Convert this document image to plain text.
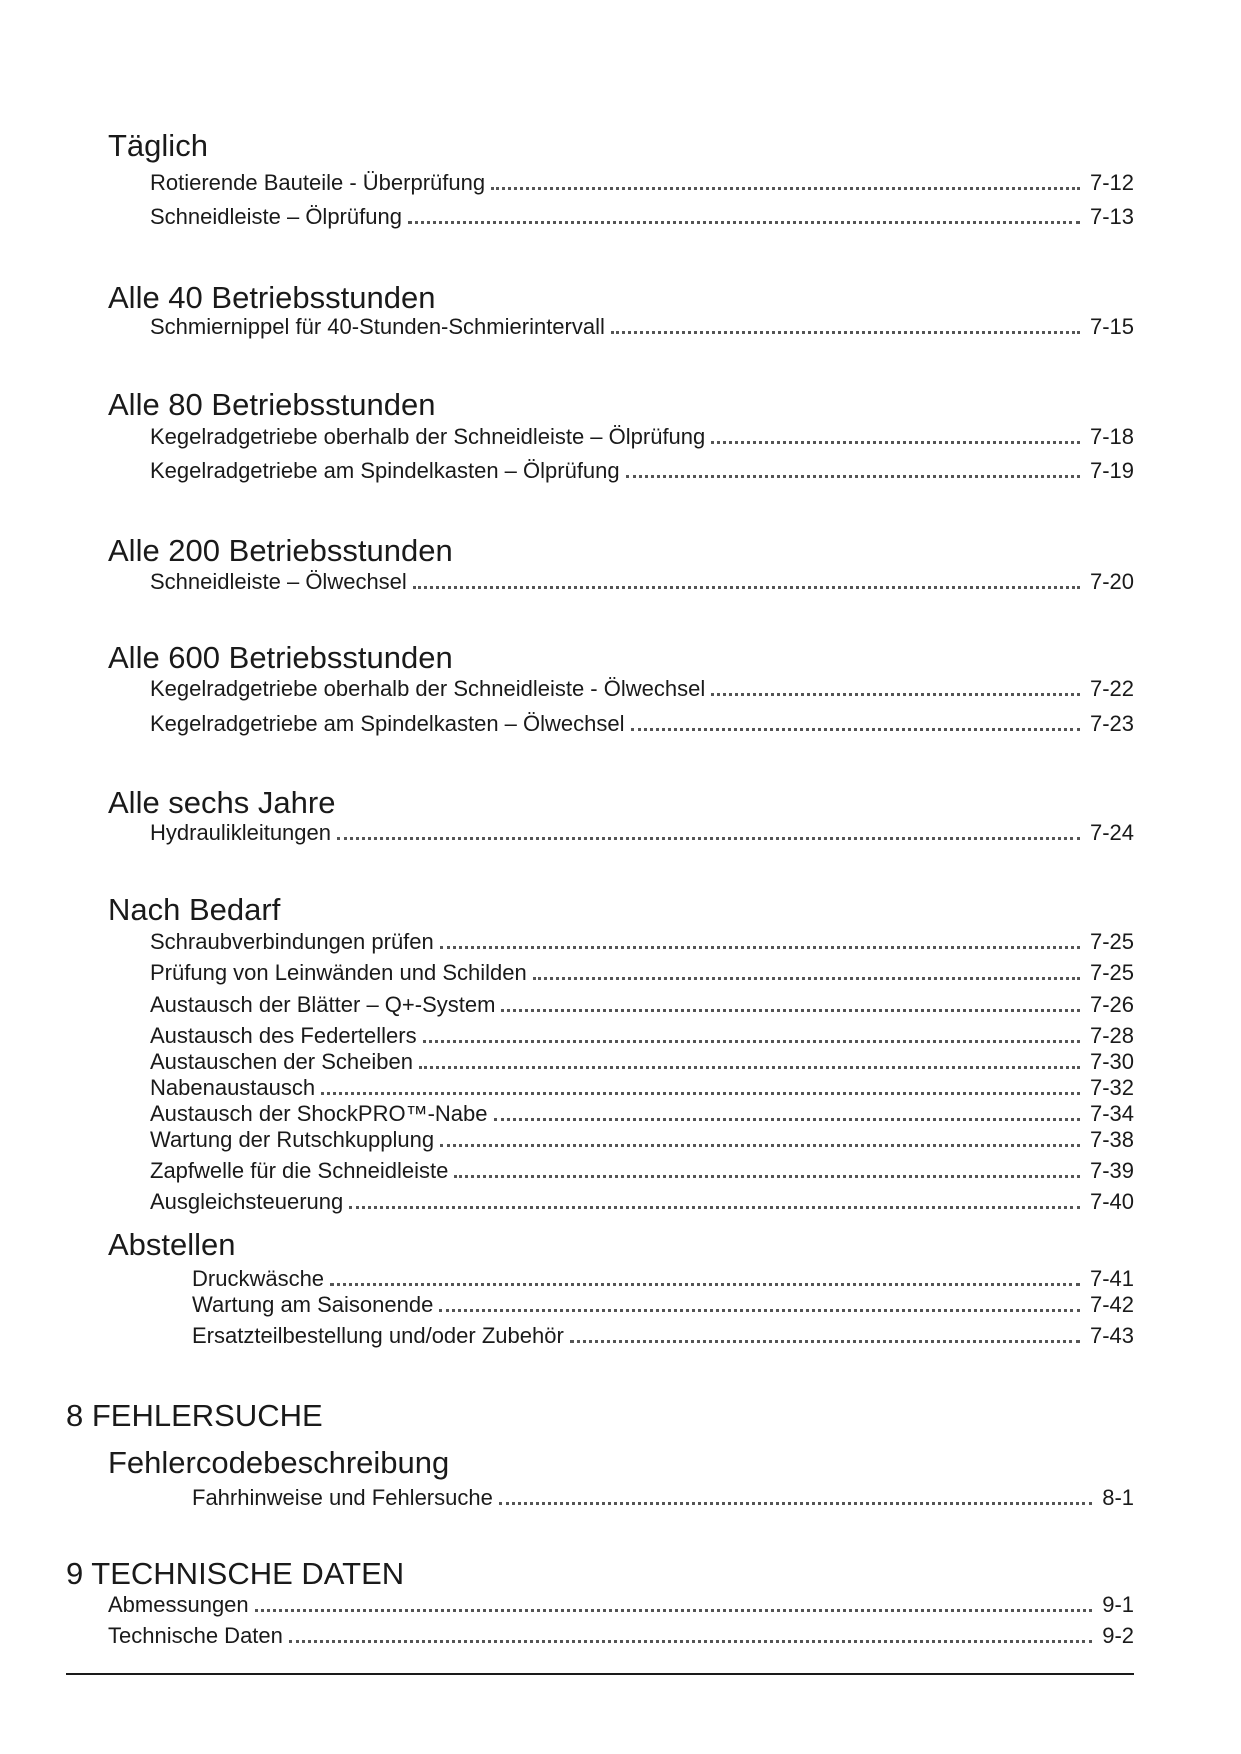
Täglich
Rotierende Bauteile - Überprüfung	7-12
Schneidleiste – Ölprüfung	7-13
Alle 40 Betriebsstunden
Schmiernippel für 40-Stunden-Schmierintervall	7-15
Alle 80 Betriebsstunden
Kegelradgetriebe oberhalb der Schneidleiste – Ölprüfung	7-18
Kegelradgetriebe am Spindelkasten – Ölprüfung	7-19
Alle 200 Betriebsstunden
Schneidleiste – Ölwechsel	7-20
Alle 600 Betriebsstunden
Kegelradgetriebe oberhalb der Schneidleiste - Ölwechsel	7-22
Kegelradgetriebe am Spindelkasten – Ölwechsel	7-23
Alle sechs Jahre
Hydraulikleitungen	7-24
Nach Bedarf
Schraubverbindungen prüfen	7-25
Prüfung von Leinwänden und Schilden	7-25
Austausch der Blätter – Q+-System	7-26
Austausch des Federtellers	7-28
Austauschen der Scheiben	7-30
Nabenaustausch	7-32
Austausch der ShockPRO™-Nabe	7-34
Wartung der Rutschkupplung	7-38
Zapfwelle für die Schneidleiste	7-39
Ausgleichsteuerung	7-40
Abstellen
Druckwäsche	7-41
Wartung am Saisonende	7-42
Ersatzteilbestellung und/oder Zubehör	7-43
8 FEHLERSUCHE
Fehlercodebeschreibung
Fahrhinweise und Fehlersuche	8-1
9 TECHNISCHE DATEN
Abmessungen	9-1
Technische Daten	9-2
